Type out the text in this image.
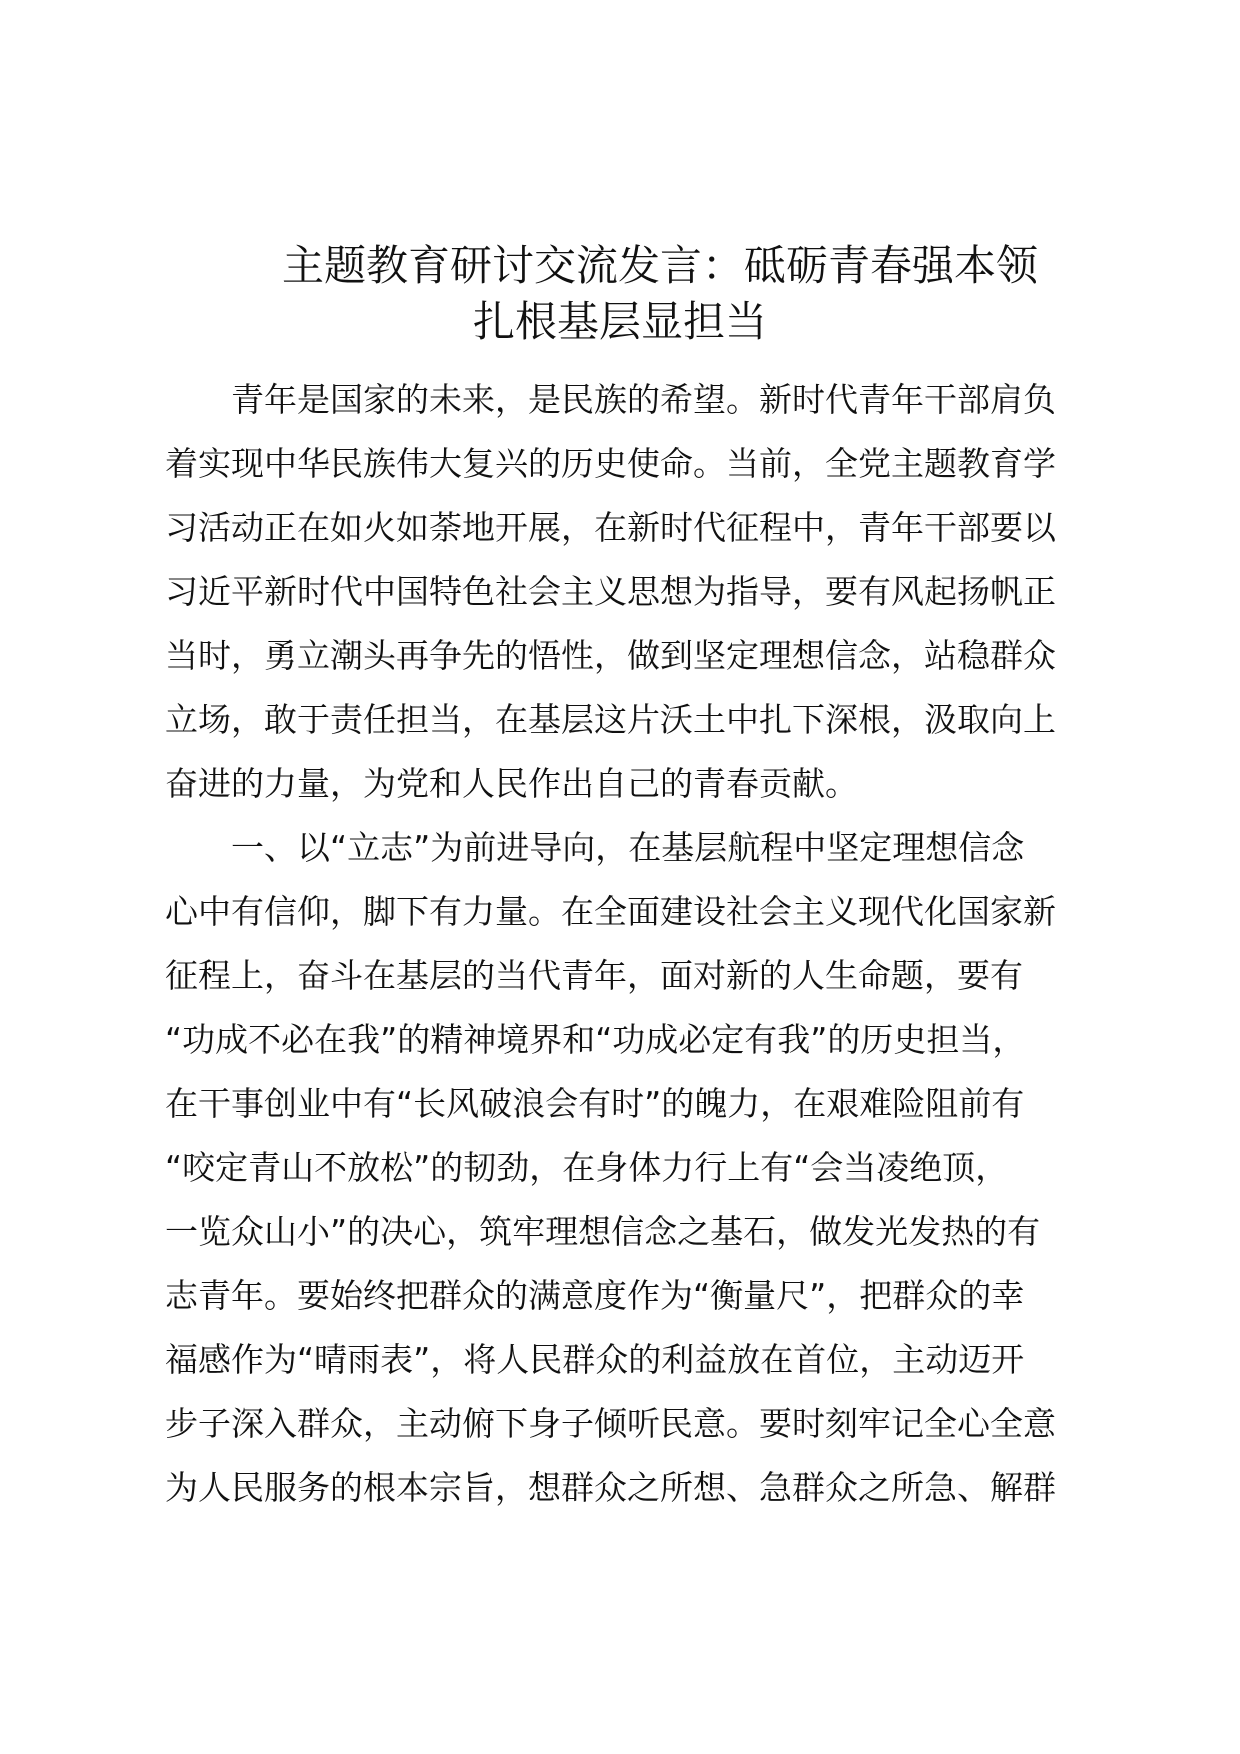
主题教育研讨交流发言：砥砺青春强本领
扎根基层显担当
青年是国家的未来，是民族的希望。新时代青年干部肩负
着实现中华民族伟大复兴的历史使命。当前，全党主题教育学
习活动正在如火如荼地开展，在新时代征程中，青年干部要以
习近平新时代中国特色社会主义思想为指导，要有风起扬帆正
当时，勇立潮头再争先的悟性，做到坚定理想信念，站稳群众
立场，敢于责任担当，在基层这片沃土中扎下深根，汲取向上
奋进的力量，为党和人民作出自己的青春贡献。
一、以“立志”为前进导向，在基层航程中坚定理想信念
心中有信仰，脚下有力量。在全面建设社会主义现代化国家新
征程上，奋斗在基层的当代青年，面对新的人生命题，要有
“功成不必在我”的精神境界和“功成必定有我”的历史担当，
在干事创业中有“长风破浪会有时”的魄力，在艰难险阻前有
“咬定青山不放松”的韧劲，在身体力行上有“会当凌绝顶，
一览众山小”的决心，筑牢理想信念之基石，做发光发热的有
志青年。要始终把群众的满意度作为“衡量尺”，把群众的幸
福感作为“晴雨表”，将人民群众的利益放在首位，主动迈开
步子深入群众，主动俯下身子倾听民意。要时刻牢记全心全意
为人民服务的根本宗旨，想群众之所想、急群众之所急、解群
